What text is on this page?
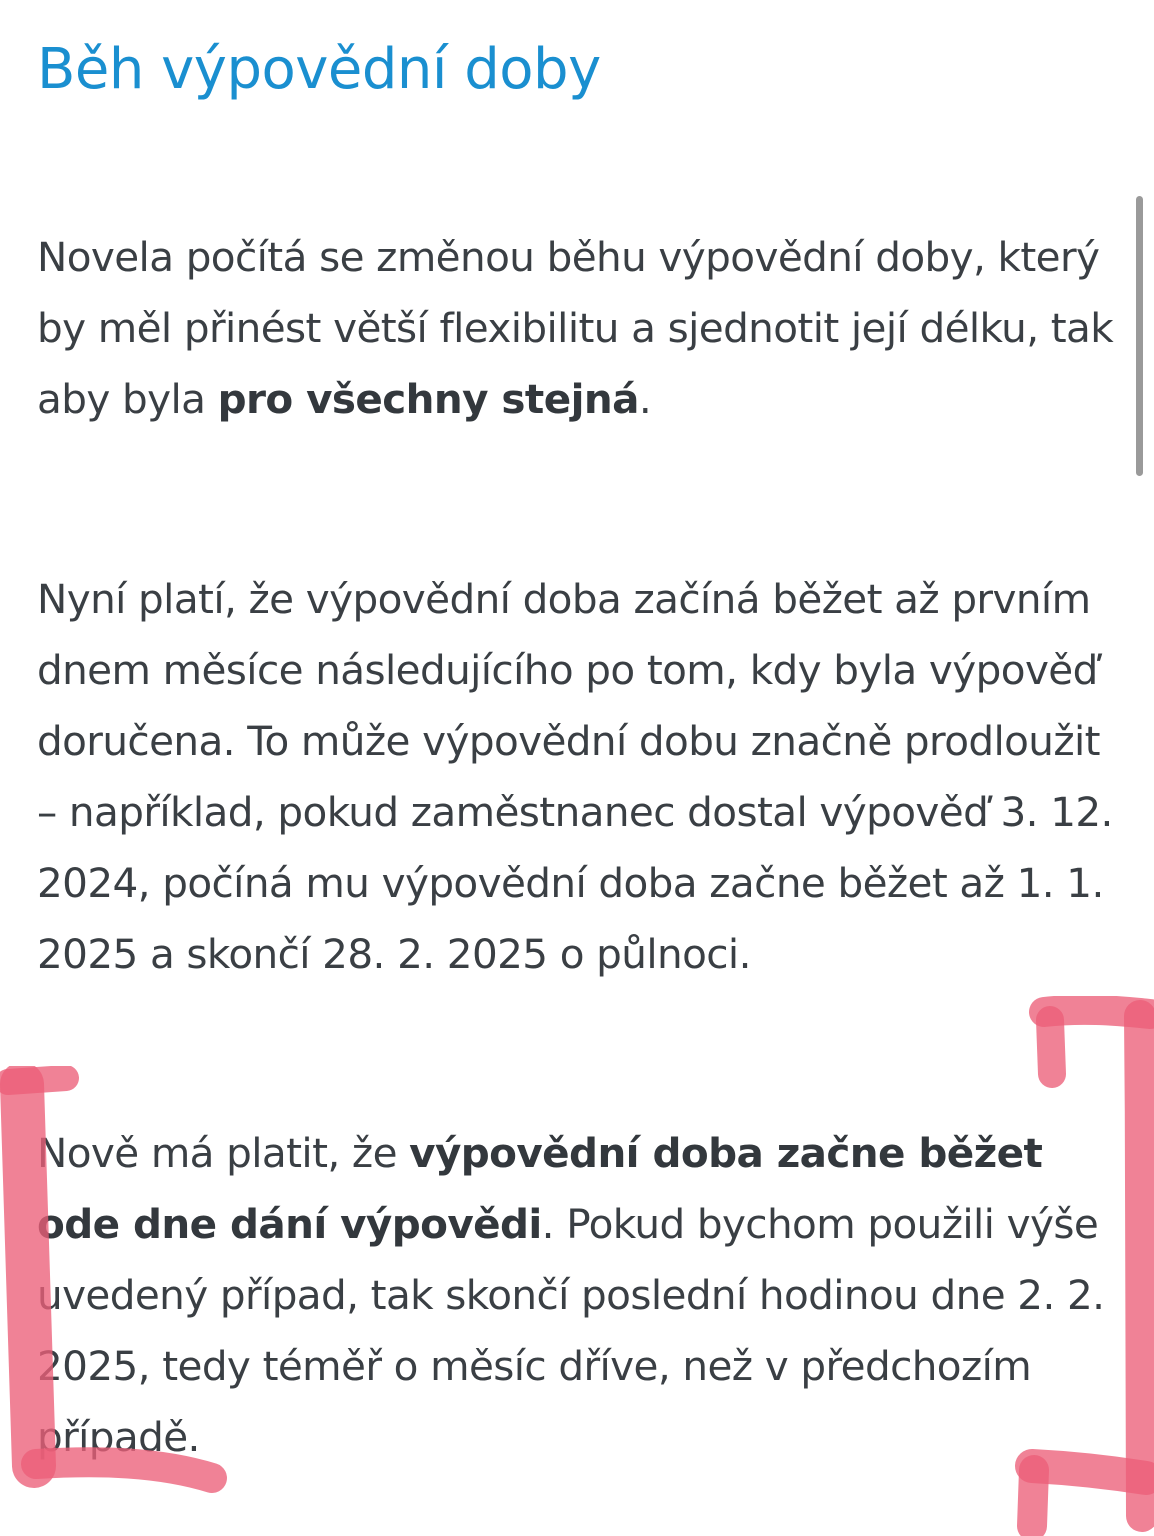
Běh výpovědní doby

Novela počítá se změnou běhu výpovědní doby, který by měl přinést větší flexibilitu a sjednotit její délku, tak aby byla pro všechny stejná.

Nyní platí, že výpovědní doba začíná běžet až prvním dnem měsíce následujícího po tom, kdy byla výpověď doručena. To může výpovědní dobu značně prodloužit – například, pokud zaměstnanec dostal výpověď 3. 12. 2024, počíná mu výpovědní doba začne běžet až 1. 1. 2025 a skončí 28. 2. 2025 o půlnoci.

Nově má platit, že výpovědní doba začne běžet ode dne dání výpovědi. Pokud bychom použili výše uvedený případ, tak skončí poslední hodinou dne 2. 2. 2025, tedy téměř o měsíc dříve, než v předchozím případě.
